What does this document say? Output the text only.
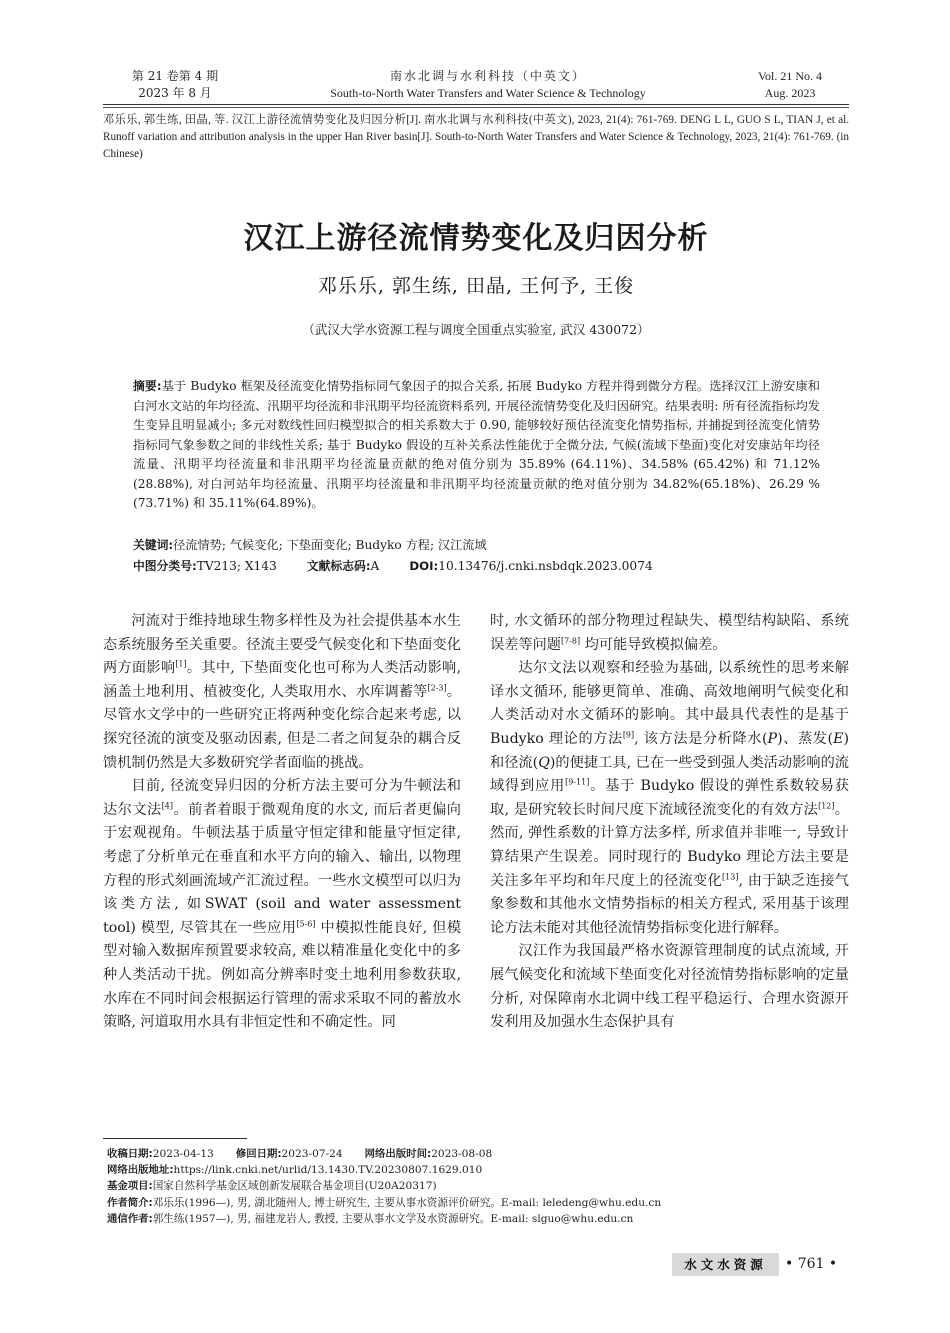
第 21 卷第 4 期
2023 年 8 月
南水北调与水利科技（中英文）
South-to-North Water Transfers and Water Science & Technology
Vol. 21 No. 4
Aug. 2023
邓乐乐, 郭生练, 田晶, 等. 汉江上游径流情势变化及归因分析[J]. 南水北调与水利科技(中英文), 2023, 21(4): 761-769. DENG L L, GUO S L, TIAN J, et al. Runoff variation and attribution analysis in the upper Han River basin[J]. South-to-North Water Transfers and Water Science & Technology, 2023, 21(4): 761-769. (in Chinese)
汉江上游径流情势变化及归因分析
邓乐乐, 郭生练, 田晶, 王何予, 王俊
（武汉大学水资源工程与调度全国重点实验室, 武汉 430072）
摘要:基于 Budyko 框架及径流变化情势指标同气象因子的拟合关系, 拓展 Budyko 方程并得到微分方程。选择汉江上游安康和白河水文站的年均径流、汛期平均径流和非汛期平均径流资料系列, 开展径流情势变化及归因研究。结果表明: 所有径流指标均发生变异且明显减小; 多元对数线性回归模型拟合的相关系数大于 0.90, 能够较好预估径流变化情势指标, 并捕捉到径流变化情势指标同气象参数之间的非线性关系; 基于 Budyko 假设的互补关系法性能优于全微分法, 气候(流域下垫面)变化对安康站年均径流量、汛期平均径流量和非汛期平均径流量贡献的绝对值分别为 35.89% (64.11%)、34.58% (65.42%) 和 71.12%(28.88%), 对白河站年均径流量、汛期平均径流量和非汛期平均径流量贡献的绝对值分别为 34.82%(65.18%)、26.29 %(73.71%) 和 35.11%(64.89%)。
关键词:径流情势; 气候变化; 下垫面变化; Budyko 方程; 汉江流域
中图分类号:TV213; X143	文献标志码:A	DOI:10.13476/j.cnki.nsbdqk.2023.0074

河流对于维持地球生物多样性及为社会提供基本水生态系统服务至关重要。径流主要受气候变化和下垫面变化两方面影响[1]。其中, 下垫面变化也可称为人类活动影响, 涵盖土地利用、植被变化, 人类取用水、水库调蓄等[2-3]。尽管水文学中的一些研究正将两种变化综合起来考虑, 以探究径流的演变及驱动因素, 但是二者之间复杂的耦合反馈机制仍然是大多数研究学者面临的挑战。

目前, 径流变异归因的分析方法主要可分为牛顿法和达尔文法[4]。前者着眼于微观角度的水文, 而后者更偏向于宏观视角。牛顿法基于质量守恒定律和能量守恒定律, 考虑了分析单元在垂直和水平方向的输入、输出, 以物理方程的形式刻画流域产汇流过程。一些水文模型可以归为该类方法, 如SWAT (soil and water assessment tool) 模型, 尽管其在一些应用[5-6] 中模拟性能良好, 但模型对输入数据库预置要求较高, 难以精准量化变化中的多种人类活动干扰。例如高分辨率时变土地利用参数获取, 水库在不同时间会根据运行管理的需求采取不同的蓄放水策略, 河道取用水具有非恒定性和不确定性。同

时, 水文循环的部分物理过程缺失、模型结构缺陷、系统误差等问题[7-8] 均可能导致模拟偏差。

达尔文法以观察和经验为基础, 以系统性的思考来解译水文循环, 能够更简单、准确、高效地阐明气候变化和人类活动对水文循环的影响。其中最具代表性的是基于 Budyko 理论的方法[9], 该方法是分析降水(P)、蒸发(E)和径流(Q)的便捷工具, 已在一些受到强人类活动影响的流域得到应用[9-11]。基于 Budyko 假设的弹性系数较易获取, 是研究较长时间尺度下流域径流变化的有效方法[12]。然而, 弹性系数的计算方法多样, 所求值并非唯一, 导致计算结果产生误差。同时现行的 Budyko 理论方法主要是关注多年平均和年尺度上的径流变化[13], 由于缺乏连接气象参数和其他水文情势指标的相关方程式, 采用基于该理论方法未能对其他径流情势指标变化进行解释。

汉江作为我国最严格水资源管理制度的试点流域, 开展气候变化和流域下垫面变化对径流情势指标影响的定量分析, 对保障南水北调中线工程平稳运行、合理水资源开发利用及加强水生态保护具有

收稿日期:2023-04-13 修回日期:2023-07-24 网络出版时间:2023-08-08
网络出版地址:https://link.cnki.net/urlid/13.1430.TV.20230807.1629.010
基金项目:国家自然科学基金区域创新发展联合基金项目(U20A20317)
作者简介:邓乐乐(1996—), 男, 湖北随州人, 博士研究生, 主要从事水资源评价研究。E-mail: leledeng@whu.edu.cn
通信作者:郭生练(1957—), 男, 福建龙岩人, 教授, 主要从事水文学及水资源研究。E-mail: slguo@whu.edu.cn
水文水资源	• 761 •
